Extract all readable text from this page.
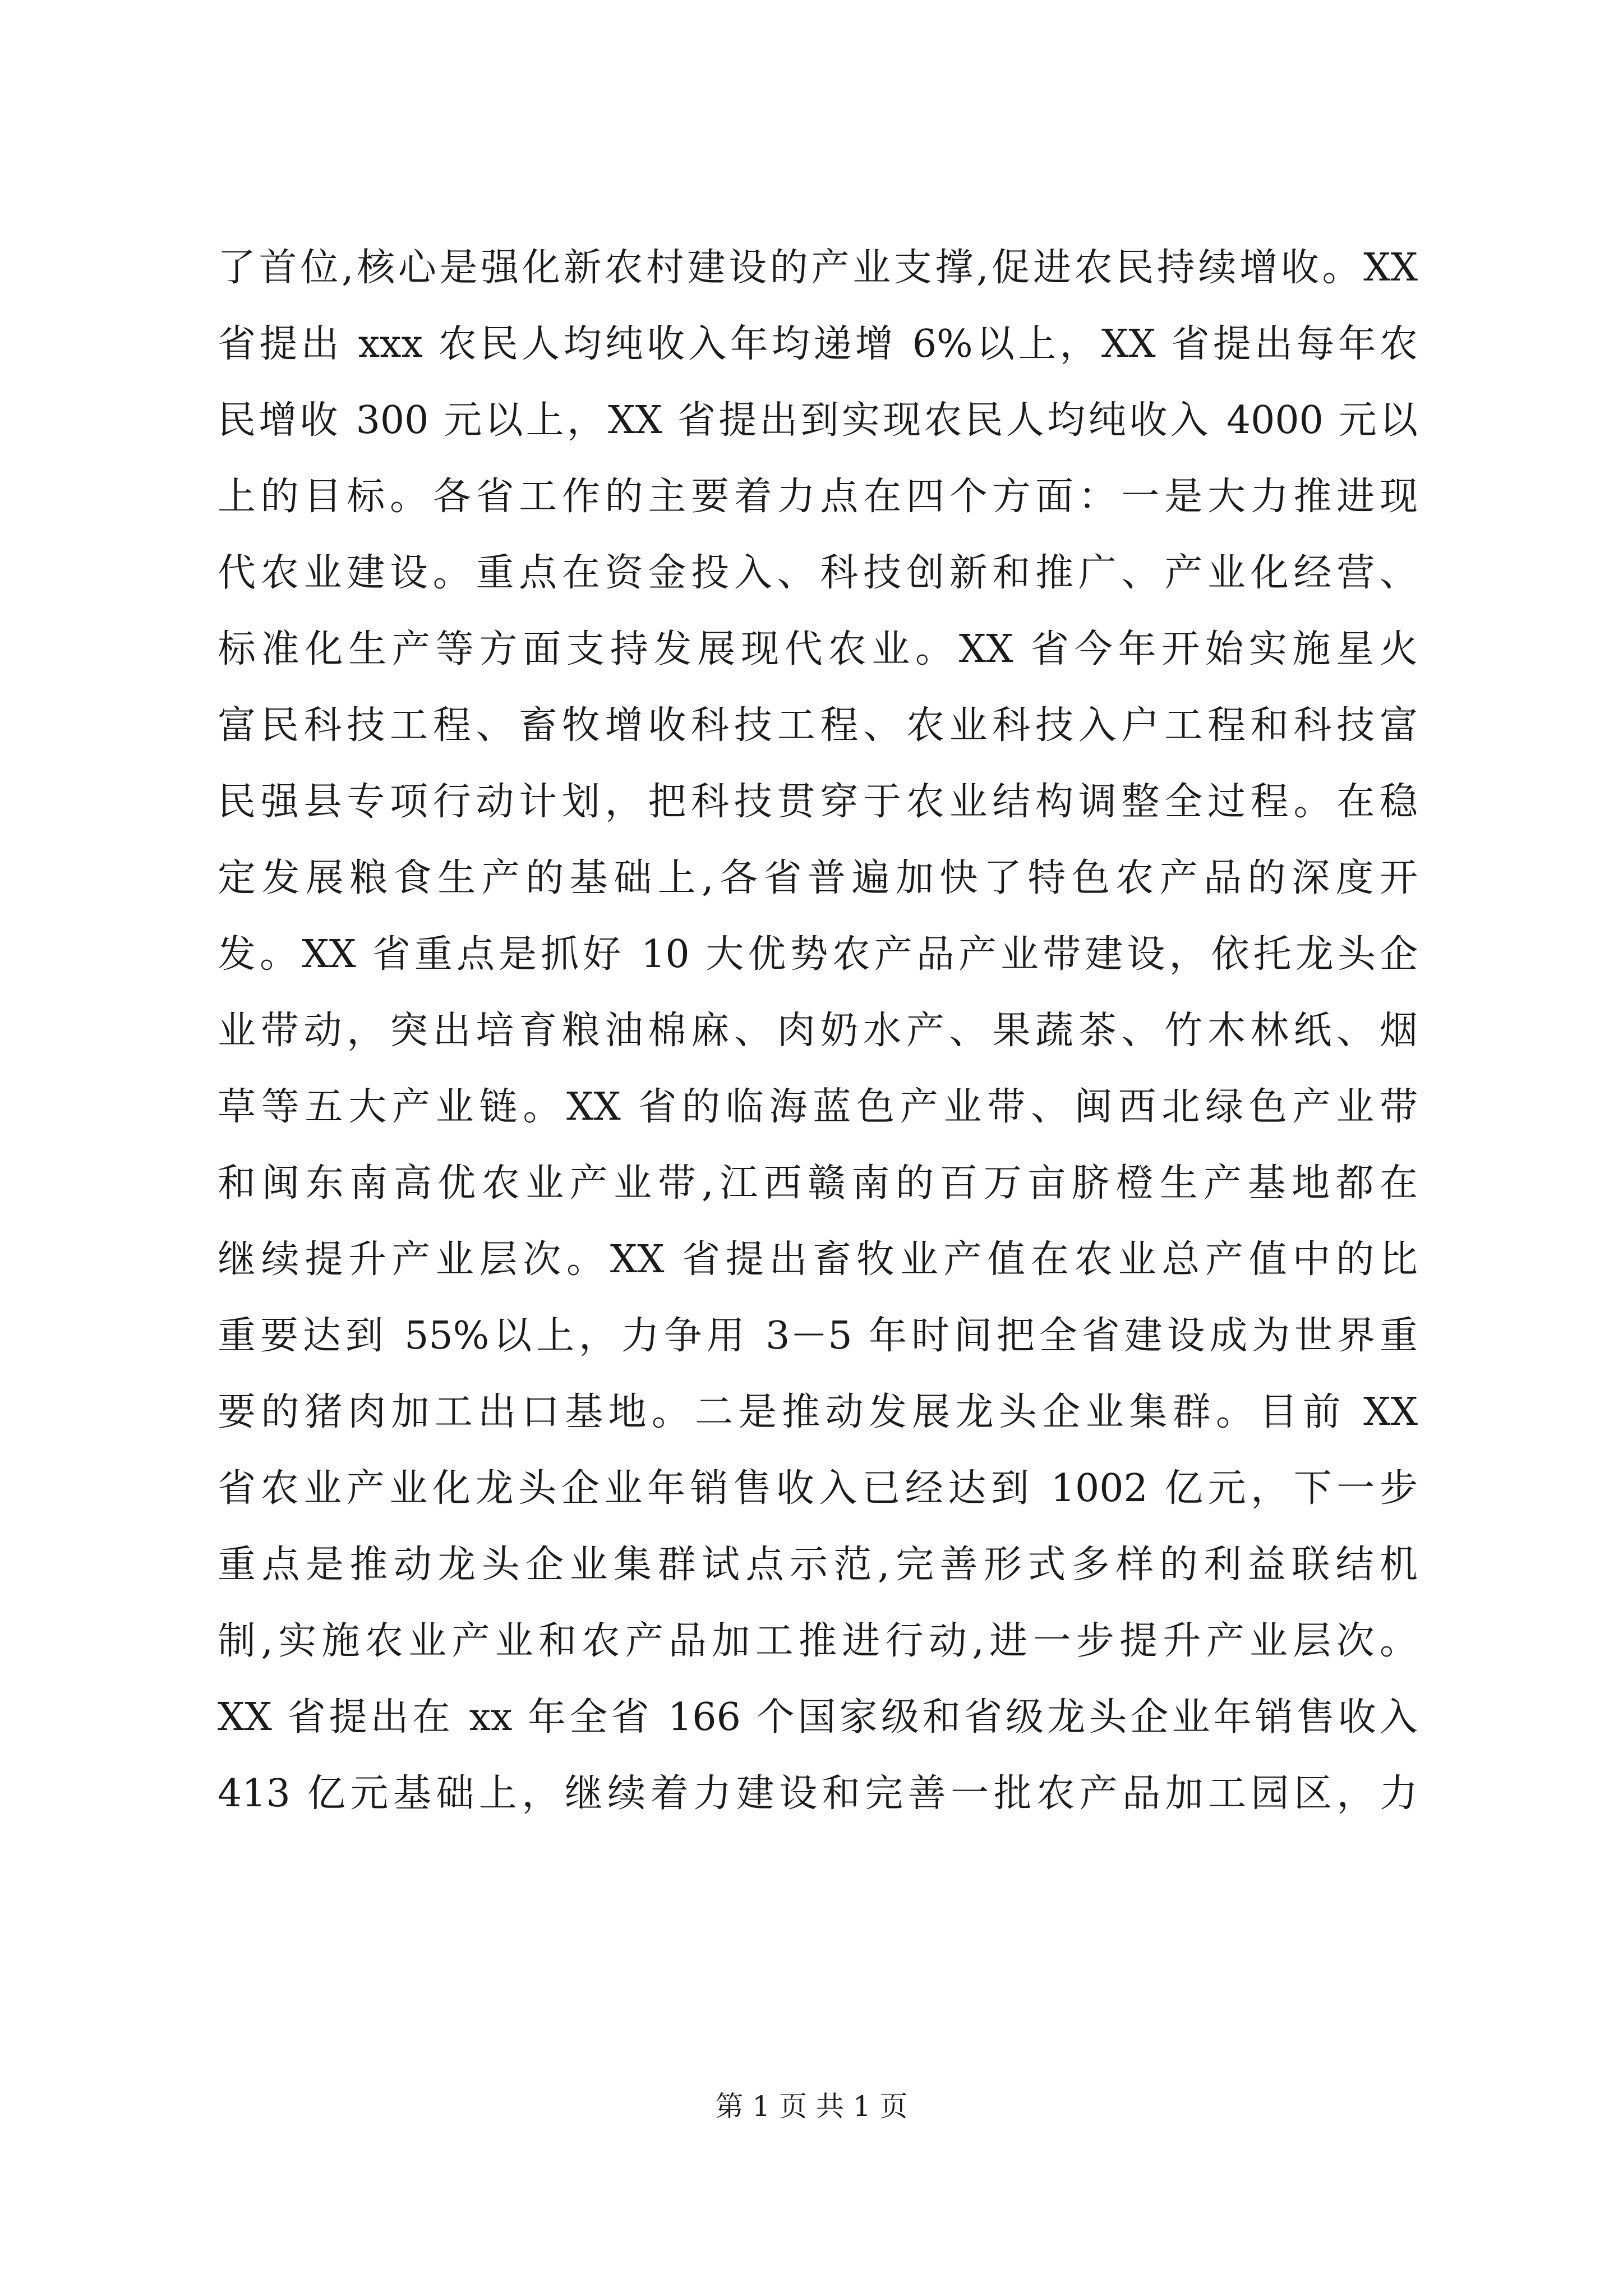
了首位,核心是强化新农村建设的产业支撑,促进农民持续增收。XX
省提出 xxx 农民人均纯收入年均递增 6%以上，XX 省提出每年农
民增收 300 元以上，XX 省提出到实现农民人均纯收入 4000 元以
上的目标。各省工作的主要着力点在四个方面：一是大力推进现
代农业建设。重点在资金投入、科技创新和推广、产业化经营、
标准化生产等方面支持发展现代农业。XX 省今年开始实施星火
富民科技工程、畜牧增收科技工程、农业科技入户工程和科技富
民强县专项行动计划，把科技贯穿于农业结构调整全过程。在稳
定发展粮食生产的基础上,各省普遍加快了特色农产品的深度开
发。XX 省重点是抓好 10 大优势农产品产业带建设，依托龙头企
业带动，突出培育粮油棉麻、肉奶水产、果蔬茶、竹木林纸、烟
草等五大产业链。XX 省的临海蓝色产业带、闽西北绿色产业带
和闽东南高优农业产业带,江西赣南的百万亩脐橙生产基地都在
继续提升产业层次。XX 省提出畜牧业产值在农业总产值中的比
重要达到 55%以上，力争用 3－5 年时间把全省建设成为世界重
要的猪肉加工出口基地。二是推动发展龙头企业集群。目前 XX
省农业产业化龙头企业年销售收入已经达到 1002 亿元，下一步
重点是推动龙头企业集群试点示范,完善形式多样的利益联结机
制,实施农业产业和农产品加工推进行动,进一步提升产业层次。
XX 省提出在 xx 年全省 166 个国家级和省级龙头企业年销售收入
413 亿元基础上，继续着力建设和完善一批农产品加工园区，力
第 1 页 共 1 页
